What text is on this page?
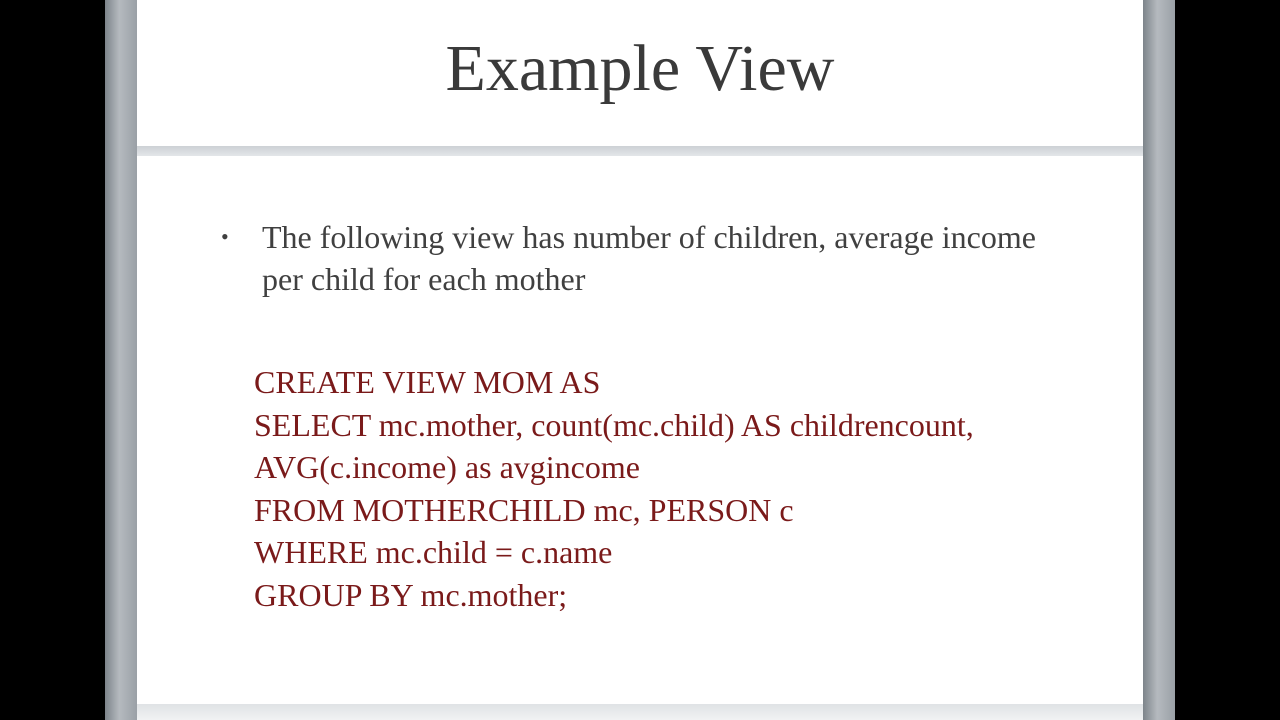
Example View
• The following view has number of children, average income per child for each mother
CREATE VIEW MOM AS
SELECT mc.mother, count(mc.child) AS childrencount,
AVG(c.income) as avgincome
FROM MOTHERCHILD mc, PERSON c
WHERE mc.child = c.name
GROUP BY mc.mother;
